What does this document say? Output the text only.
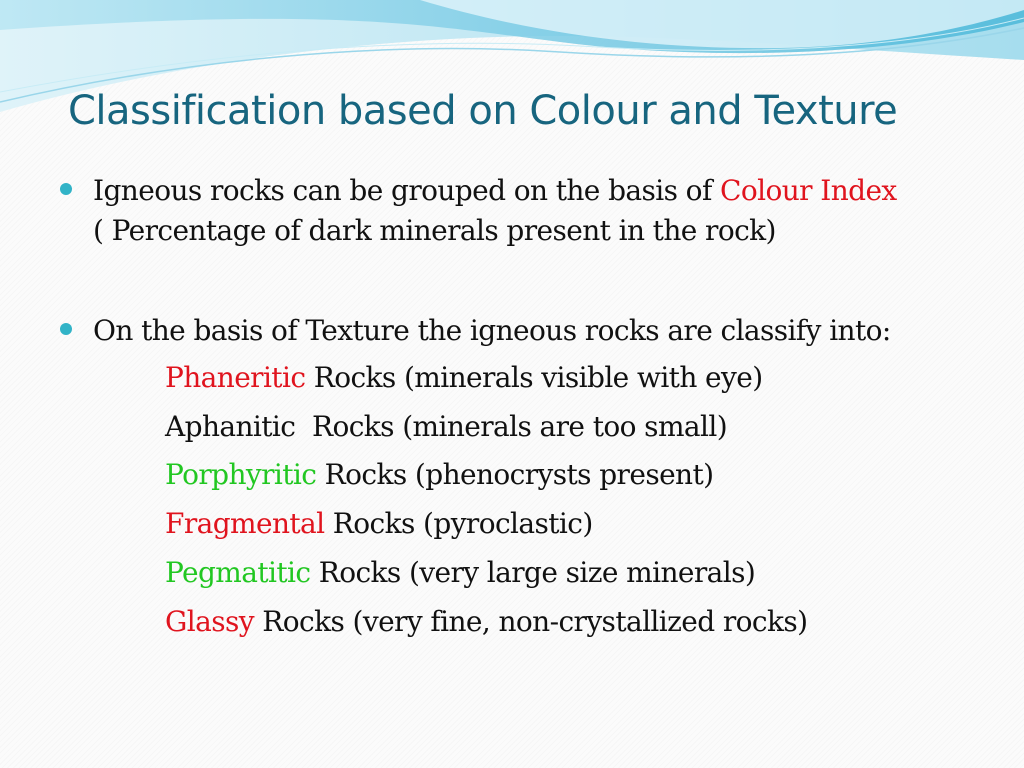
Classification based on Colour and Texture
Igneous rocks can be grouped on the basis of Colour Index
( Percentage of dark minerals present in the rock)
On the basis of Texture the igneous rocks are classify into:
Phaneritic Rocks (minerals visible with eye)
Aphanitic  Rocks (minerals are too small)
Porphyritic Rocks (phenocrysts present)
Fragmental Rocks (pyroclastic)
Pegmatitic Rocks (very large size minerals)
Glassy Rocks (very fine, non-crystallized rocks)
